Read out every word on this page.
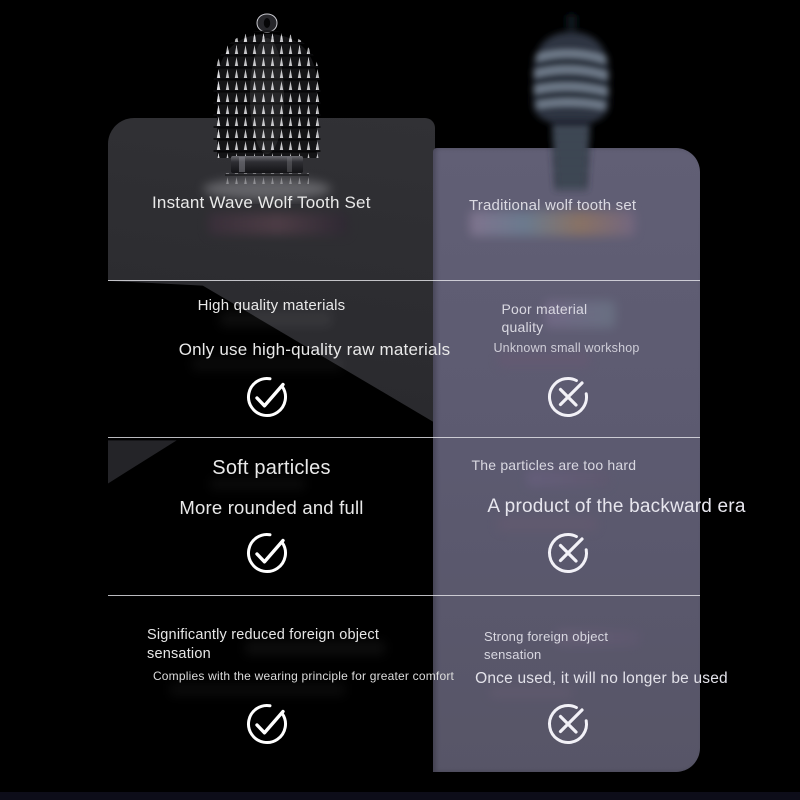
Instant Wave Wolf Tooth Set
High quality materials
Only use high-quality raw materials
Soft particles
More rounded and full
Significantly reduced foreign object sensation
Complies with the wearing principle for greater comfort
Traditional wolf tooth set
Poor material quality
Unknown small workshop
The particles are too hard
A product of the backward era
Strong foreign object sensation
Once used, it will no longer be used
